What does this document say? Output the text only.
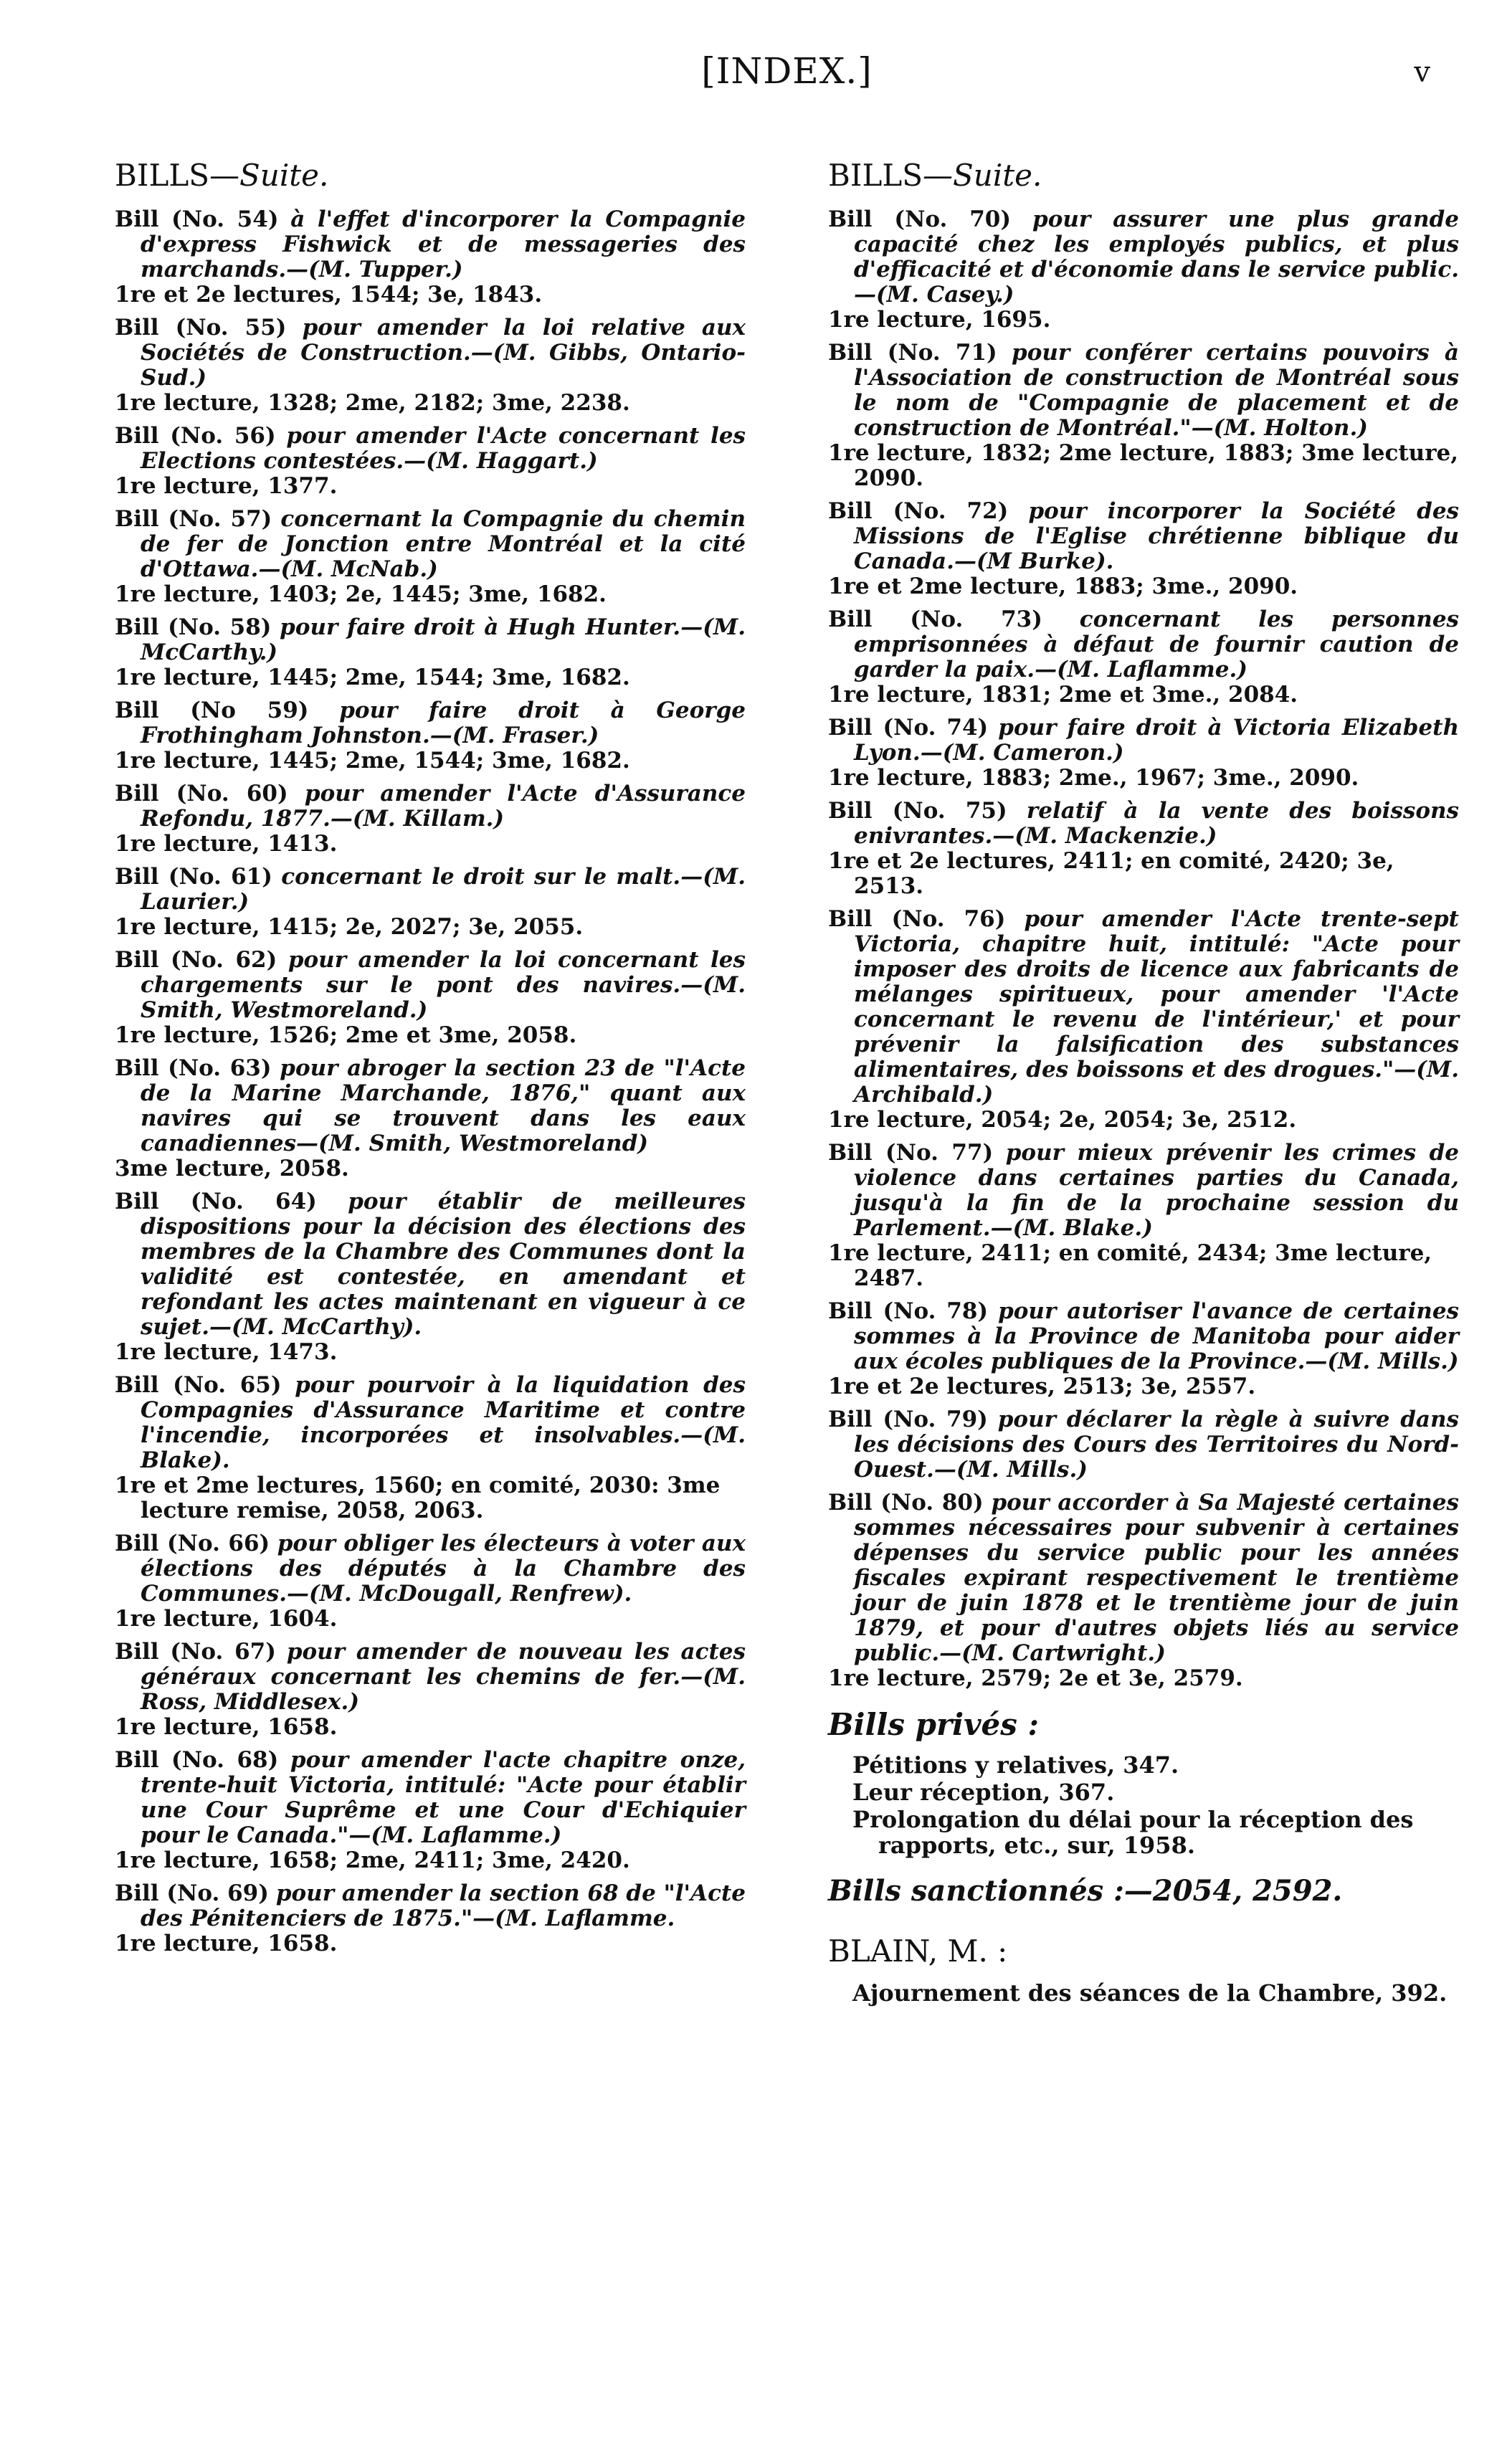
[INDEX.]	v
BILLS—Suite.
Bill (No. 54) à l'effet d'incorporer la Compagnie d'express Fishwick et de messageries des marchands.—(M. Tupper.)
1re et 2e lectures, 1544; 3e, 1843.
Bill (No. 55) pour amender la loi relative aux Sociétés de Construction.—(M. Gibbs, Ontario-Sud.)
1re lecture, 1328; 2me, 2182; 3me, 2238.
Bill (No. 56) pour amender l'Acte concernant les Elections contestées.—(M. Haggart.)
1re lecture, 1377.
Bill (No. 57) concernant la Compagnie du chemin de fer de Jonction entre Montréal et la cité d'Ottawa.—(M. McNab.)
1re lecture, 1403; 2e, 1445; 3me, 1682.
Bill (No. 58) pour faire droit à Hugh Hunter.—(M. McCarthy.)
1re lecture, 1445; 2me, 1544; 3me, 1682.
Bill (No 59) pour faire droit à George Frothingham Johnston.—(M. Fraser.)
1re lecture, 1445; 2me, 1544; 3me, 1682.
Bill (No. 60) pour amender l'Acte d'Assurance Refondu, 1877.—(M. Killam.)
1re lecture, 1413.
Bill (No. 61) concernant le droit sur le malt.—(M. Laurier.)
1re lecture, 1415; 2e, 2027; 3e, 2055.
Bill (No. 62) pour amender la loi concernant les chargements sur le pont des navires.—(M. Smith, Westmoreland.)
1re lecture, 1526; 2me et 3me, 2058.
Bill (No. 63) pour abroger la section 23 de "l'Acte de la Marine Marchande, 1876," quant aux navires qui se trouvent dans les eaux canadiennes—(M. Smith, Westmoreland)
3me lecture, 2058.
Bill (No. 64) pour établir de meilleures dispositions pour la décision des élections des membres de la Chambre des Communes dont la validité est contestée, en amendant et refondant les actes maintenant en vigueur à ce sujet.—(M. McCarthy).
1re lecture, 1473.
Bill (No. 65) pour pourvoir à la liquidation des Compagnies d'Assurance Maritime et contre l'incendie, incorporées et insolvables.—(M. Blake).
1re et 2me lectures, 1560; en comité, 2030: 3me lecture remise, 2058, 2063.
Bill (No. 66) pour obliger les électeurs à voter aux élections des députés à la Chambre des Communes.—(M. McDougall, Renfrew).
1re lecture, 1604.
Bill (No. 67) pour amender de nouveau les actes généraux concernant les chemins de fer.—(M. Ross, Middlesex.)
1re lecture, 1658.
Bill (No. 68) pour amender l'acte chapitre onze, trente-huit Victoria, intitulé: "Acte pour établir une Cour Suprême et une Cour d'Echiquier pour le Canada."—(M. Laflamme.)
1re lecture, 1658; 2me, 2411; 3me, 2420.
Bill (No. 69) pour amender la section 68 de "l'Acte des Pénitenciers de 1875."—(M. Laflamme.
1re lecture, 1658.
BILLS—Suite.
Bill (No. 70) pour assurer une plus grande capacité chez les employés publics, et plus d'efficacité et d'économie dans le service public.—(M. Casey.)
1re lecture, 1695.
Bill (No. 71) pour conférer certains pouvoirs à l'Association de construction de Montréal sous le nom de "Compagnie de placement et de construction de Montréal."—(M. Holton.)
1re lecture, 1832; 2me lecture, 1883; 3me lecture, 2090.
Bill (No. 72) pour incorporer la Société des Missions de l'Eglise chrétienne biblique du Canada.—(M Burke).
1re et 2me lecture, 1883; 3me., 2090.
Bill (No. 73) concernant les personnes emprisonnées à défaut de fournir caution de garder la paix.—(M. Laflamme.)
1re lecture, 1831; 2me et 3me., 2084.
Bill (No. 74) pour faire droit à Victoria Elizabeth Lyon.—(M. Cameron.)
1re lecture, 1883; 2me., 1967; 3me., 2090.
Bill (No. 75) relatif à la vente des boissons enivrantes.—(M. Mackenzie.)
1re et 2e lectures, 2411; en comité, 2420; 3e, 2513.
Bill (No. 76) pour amender l'Acte trente-sept Victoria, chapitre huit, intitulé: "Acte pour imposer des droits de licence aux fabricants de mélanges spiritueux, pour amender 'l'Acte concernant le revenu de l'intérieur,' et pour prévenir la falsification des substances alimentaires, des boissons et des drogues."—(M. Archibald.)
1re lecture, 2054; 2e, 2054; 3e, 2512.
Bill (No. 77) pour mieux prévenir les crimes de violence dans certaines parties du Canada, jusqu'à la fin de la prochaine session du Parlement.—(M. Blake.)
1re lecture, 2411; en comité, 2434; 3me lecture, 2487.
Bill (No. 78) pour autoriser l'avance de certaines sommes à la Province de Manitoba pour aider aux écoles publiques de la Province.—(M. Mills.)
1re et 2e lectures, 2513; 3e, 2557.
Bill (No. 79) pour déclarer la règle à suivre dans les décisions des Cours des Territoires du Nord-Ouest.—(M. Mills.)
Bill (No. 80) pour accorder à Sa Majesté certaines sommes nécessaires pour subvenir à certaines dépenses du service public pour les années fiscales expirant respectivement le trentième jour de juin 1878 et le trentième jour de juin 1879, et pour d'autres objets liés au service public.—(M. Cartwright.)
1re lecture, 2579; 2e et 3e, 2579.
Bills privés :
Pétitions y relatives, 347.
Leur réception, 367.
Prolongation du délai pour la réception des rapports, etc., sur, 1958.
Bills sanctionnés :—2054, 2592.
BLAIN, M. :
Ajournement des séances de la Chambre, 392.
